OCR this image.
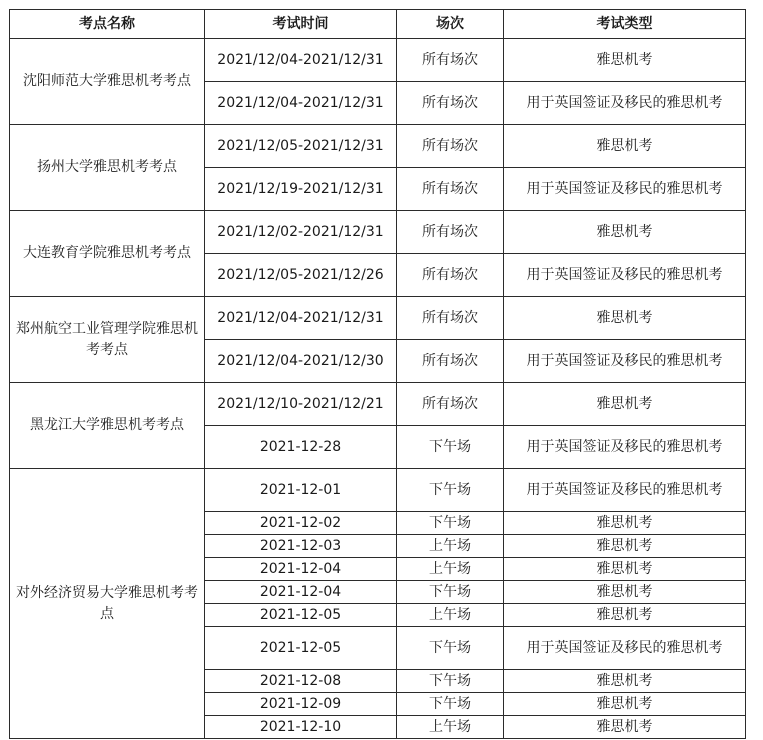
考点名称	考试时间	场次	考试类型
沈阳师范大学雅思机考考点	2021/12/04-2021/12/31	所有场次	雅思机考
	2021/12/04-2021/12/31	所有场次	用于英国签证及移民的雅思机考
扬州大学雅思机考考点	2021/12/05-2021/12/31	所有场次	雅思机考
	2021/12/19-2021/12/31	所有场次	用于英国签证及移民的雅思机考
大连教育学院雅思机考考点	2021/12/02-2021/12/31	所有场次	雅思机考
	2021/12/05-2021/12/26	所有场次	用于英国签证及移民的雅思机考
郑州航空工业管理学院雅思机考考点	2021/12/04-2021/12/31	所有场次	雅思机考
	2021/12/04-2021/12/30	所有场次	用于英国签证及移民的雅思机考
黑龙江大学雅思机考考点	2021/12/10-2021/12/21	所有场次	雅思机考
	2021-12-28	下午场	用于英国签证及移民的雅思机考
对外经济贸易大学雅思机考考点	2021-12-01	下午场	用于英国签证及移民的雅思机考
	2021-12-02	下午场	雅思机考
	2021-12-03	上午场	雅思机考
	2021-12-04	上午场	雅思机考
	2021-12-04	下午场	雅思机考
	2021-12-05	上午场	雅思机考
	2021-12-05	下午场	用于英国签证及移民的雅思机考
	2021-12-08	下午场	雅思机考
	2021-12-09	下午场	雅思机考
	2021-12-10	上午场	雅思机考
